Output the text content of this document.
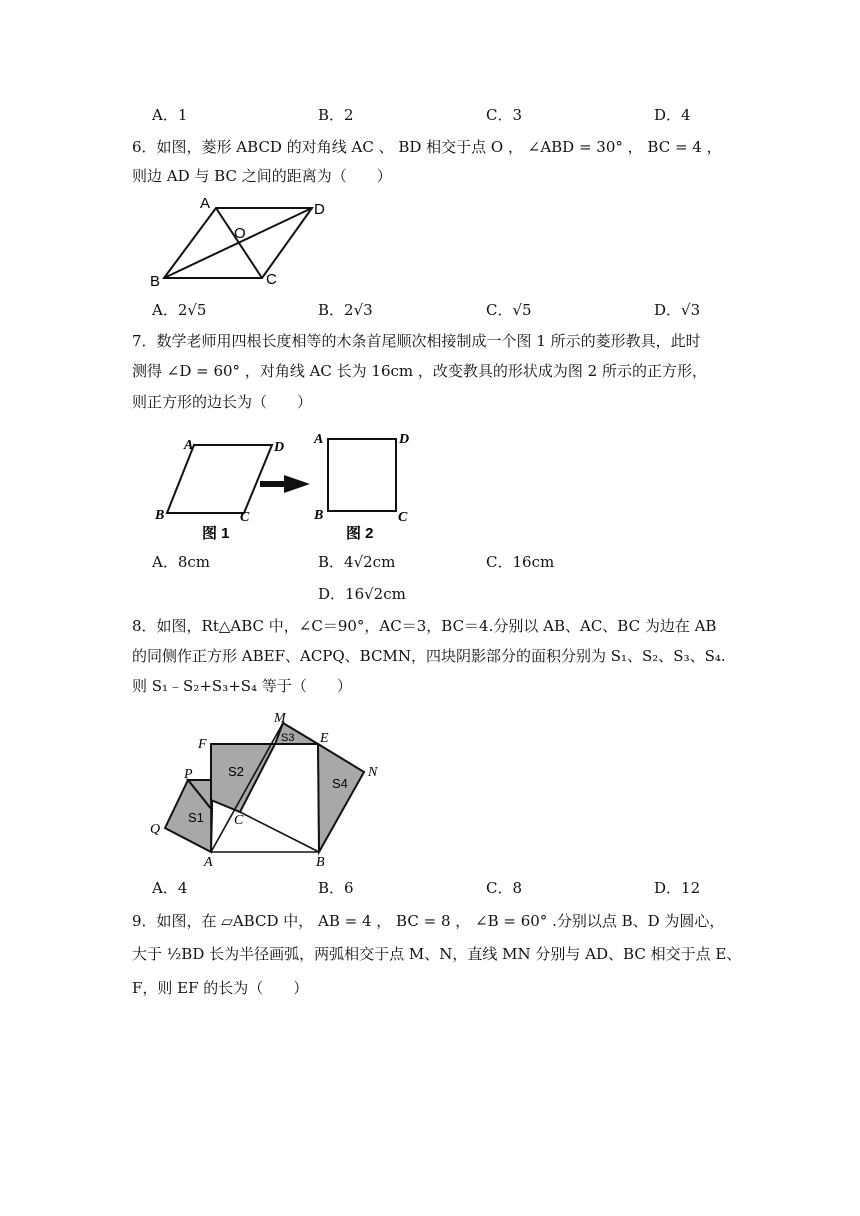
A．1	B．2	C．3	D．4
6．如图，菱形 ABCD 的对角线 AC 、 BD 相交于点 O ， ∠ABD = 30° ， BC = 4 ，
则边 AD 与 BC 之间的距离为（　　）
A	D
O
B	C
A．2√5	B．2√3	C．√5	D．√3
7．数学老师用四根长度相等的木条首尾顺次相接制成一个图 1 所示的菱形教具，此时
测得 ∠D = 60° ，对角线 AC 长为 16cm ，改变教具的形状成为图 2 所示的正方形，
则正方形的边长为（　　）
A	D
B	C
图 1
A	D
B	C
图 2
A．8cm	B．4√2cm	C．16cm
D．16√2cm
8．如图，Rt△ABC 中，∠C＝90°，AC＝3，BC＝4.分别以 AB、AC、BC 为边在 AB
的同侧作正方形 ABEF、ACPQ、BCMN，四块阴影部分的面积分别为 S₁、S₂、S₃、S₄.
则 S₁﹣S₂+S₃+S₄ 等于（　　）
M
F	S3 E
P	S2
S4
N
S1
Q
C
A	B
A．4	B．6	C．8	D．12
9．如图，在 ▱ABCD 中， AB = 4 ， BC = 8 ， ∠B = 60° .分别以点 B、D 为圆心，
大于 ½BD 长为半径画弧，两弧相交于点 M、N，直线 MN 分别与 AD、BC 相交于点 E、
F，则 EF 的长为（　　）
